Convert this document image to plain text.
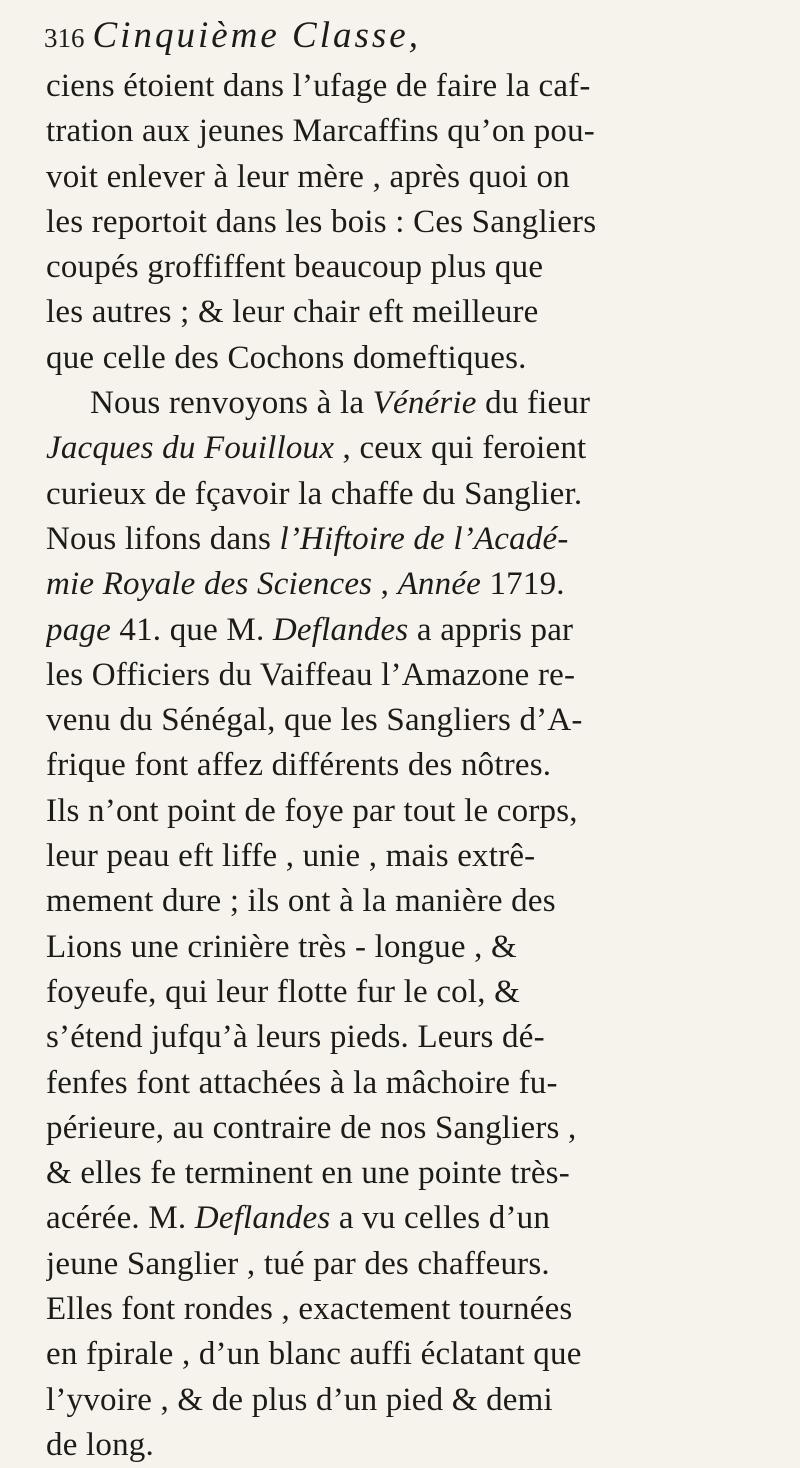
316 Cinquième Classe,
ciens étoient dans l’ufage de faire la caf-
tration aux jeunes Marcaffins qu’on pou-
voit enlever à leur mère , après quoi on
les reportoit dans les bois : Ces Sangliers
coupés groffiffent beaucoup plus que
les autres ; & leur chair eft meilleure
que celle des Cochons domeftiques.
Nous renvoyons à la Vénérie du fieur
Jacques du Fouilloux , ceux qui feroient
curieux de fçavoir la chaffe du Sanglier.
Nous lifons dans l’Hiftoire de l’Acadé-
mie Royale des Sciences , Année 1719.
page 41. que M. Deflandes a appris par
les Officiers du Vaiffeau l’Amazone re-
venu du Sénégal, que les Sangliers d’A-
frique font affez différents des nôtres.
Ils n’ont point de foye par tout le corps,
leur peau eft liffe , unie , mais extrê-
mement dure ; ils ont à la manière des
Lions une crinière très - longue , &
foyeufe, qui leur flotte fur le col, &
s’étend jufqu’à leurs pieds. Leurs dé-
fenfes font attachées à la mâchoire fu-
périeure, au contraire de nos Sangliers ,
& elles fe terminent en une pointe très-
acérée. M. Deflandes a vu celles d’un
jeune Sanglier , tué par des chaffeurs.
Elles font rondes , exactement tournées
en fpirale , d’un blanc auffi éclatant que
l’yvoire , & de plus d’un pied & demi
de long.
